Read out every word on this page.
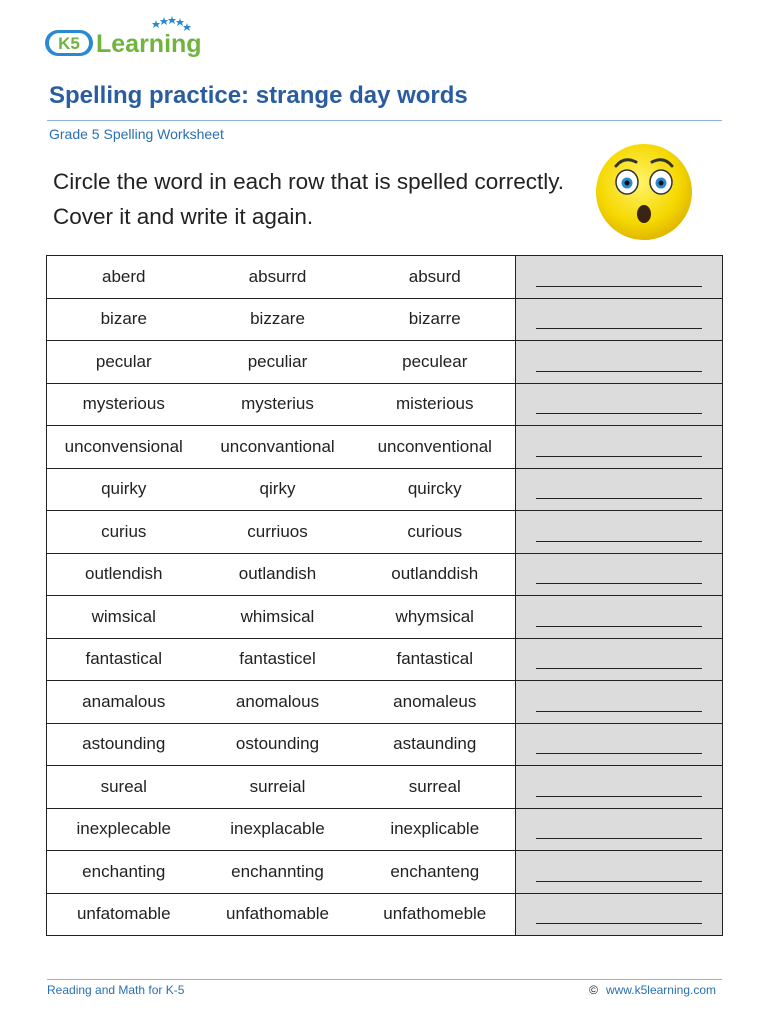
K5 Learning
Spelling practice: strange day words
Grade 5 Spelling Worksheet
Circle the word in each row that is spelled correctly. Cover it and write it again.
aberd	absurrd	absurd	

bizare	bizzare	bizarre	

pecular	peculiar	peculear	

mysterious	mysterius	misterious	

unconvensional	unconvantional	unconventional	

quirky	qirky	quircky	

curius	curriuos	curious	

outlendish	outlandish	outlanddish	

wimsical	whimsical	whymsical	

fantastical	fantasticel	fantastical	

anamalous	anomalous	anomaleus	

astounding	ostounding	astaunding	

sureal	surreial	surreal	

inexplecable	inexplacable	inexplicable	

enchanting	enchannting	enchanteng	

unfatomable	unfathomable	unfathomeble	
Reading and Math for K-5	© www.k5learning.com
